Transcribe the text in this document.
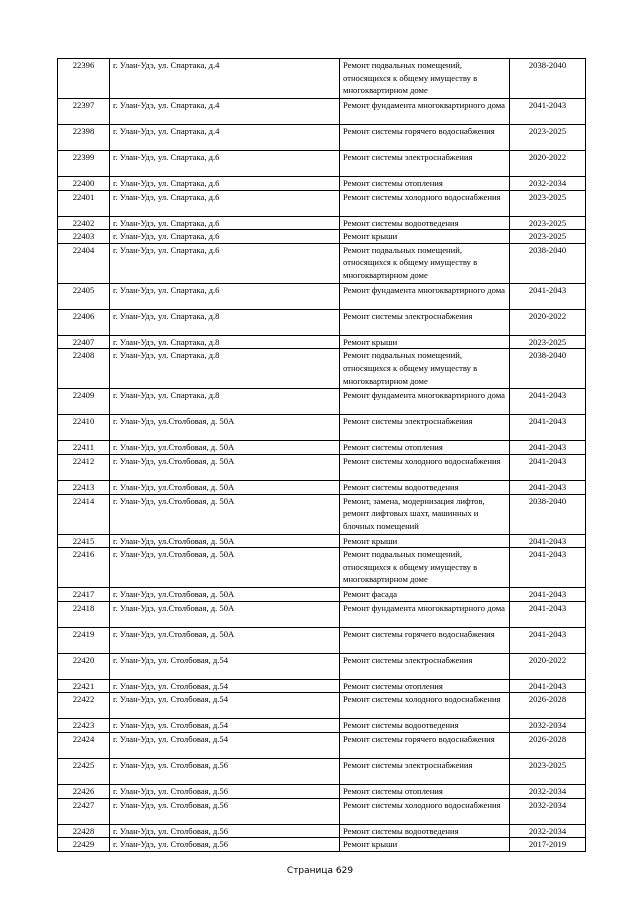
22396	г. Улан-Удэ, ул. Спартака, д.4	Ремонт подвальных помещений, относящихся к общему имуществу в многоквартирном доме	2038-2040
22397	г. Улан-Удэ, ул. Спартака, д.4	Ремонт фундамента многоквартирного дома	2041-2043
22398	г. Улан-Удэ, ул. Спартака, д.4	Ремонт системы горячего водоснабжения	2023-2025
22399	г. Улан-Удэ, ул. Спартака, д.6	Ремонт системы электроснабжения	2020-2022
22400	г. Улан-Удэ, ул. Спартака, д.6	Ремонт системы отопления	2032-2034
22401	г. Улан-Удэ, ул. Спартака, д.6	Ремонт системы холодного водоснабжения	2023-2025
22402	г. Улан-Удэ, ул. Спартака, д.6	Ремонт системы водоотведения	2023-2025
22403	г. Улан-Удэ, ул. Спартака, д.6	Ремонт крыши	2023-2025
22404	г. Улан-Удэ, ул. Спартака, д.6	Ремонт подвальных помещений, относящихся к общему имуществу в многоквартирном доме	2038-2040
22405	г. Улан-Удэ, ул. Спартака, д.6	Ремонт фундамента многоквартирного дома	2041-2043
22406	г. Улан-Удэ, ул. Спартака, д.8	Ремонт системы электроснабжения	2020-2022
22407	г. Улан-Удэ, ул. Спартака, д.8	Ремонт крыши	2023-2025
22408	г. Улан-Удэ, ул. Спартака, д.8	Ремонт подвальных помещений, относящихся к общему имуществу в многоквартирном доме	2038-2040
22409	г. Улан-Удэ, ул. Спартака, д.8	Ремонт фундамента многоквартирного дома	2041-2043
22410	г. Улан-Удэ, ул.Столбовая, д. 50А	Ремонт системы электроснабжения	2041-2043
22411	г. Улан-Удэ, ул.Столбовая, д. 50А	Ремонт системы отопления	2041-2043
22412	г. Улан-Удэ, ул.Столбовая, д. 50А	Ремонт системы холодного водоснабжения	2041-2043
22413	г. Улан-Удэ, ул.Столбовая, д. 50А	Ремонт системы водоотведения	2041-2043
22414	г. Улан-Удэ, ул.Столбовая, д. 50А	Ремонт, замена, модернизация лифтов, ремонт лифтовых шахт, машинных и блочных помещений	2038-2040
22415	г. Улан-Удэ, ул.Столбовая, д. 50А	Ремонт крыши	2041-2043
22416	г. Улан-Удэ, ул.Столбовая, д. 50А	Ремонт подвальных помещений, относящихся к общему имуществу в многоквартирном доме	2041-2043
22417	г. Улан-Удэ, ул.Столбовая, д. 50А	Ремонт фасада	2041-2043
22418	г. Улан-Удэ, ул.Столбовая, д. 50А	Ремонт фундамента многоквартирного дома	2041-2043
22419	г. Улан-Удэ, ул.Столбовая, д. 50А	Ремонт системы горячего водоснабжения	2041-2043
22420	г. Улан-Удэ, ул. Столбовая, д.54	Ремонт системы электроснабжения	2020-2022
22421	г. Улан-Удэ, ул. Столбовая, д.54	Ремонт системы отопления	2041-2043
22422	г. Улан-Удэ, ул. Столбовая, д.54	Ремонт системы холодного водоснабжения	2026-2028
22423	г. Улан-Удэ, ул. Столбовая, д.54	Ремонт системы водоотведения	2032-2034
22424	г. Улан-Удэ, ул. Столбовая, д.54	Ремонт системы горячего водоснабжения	2026-2028
22425	г. Улан-Удэ, ул. Столбовая, д.56	Ремонт системы электроснабжения	2023-2025
22426	г. Улан-Удэ, ул. Столбовая, д.56	Ремонт системы отопления	2032-2034
22427	г. Улан-Удэ, ул. Столбовая, д.56	Ремонт системы холодного водоснабжения	2032-2034
22428	г. Улан-Удэ, ул. Столбовая, д.56	Ремонт системы водоотведения	2032-2034
22429	г. Улан-Удэ, ул. Столбовая, д.56	Ремонт крыши	2017-2019
Страница 629
